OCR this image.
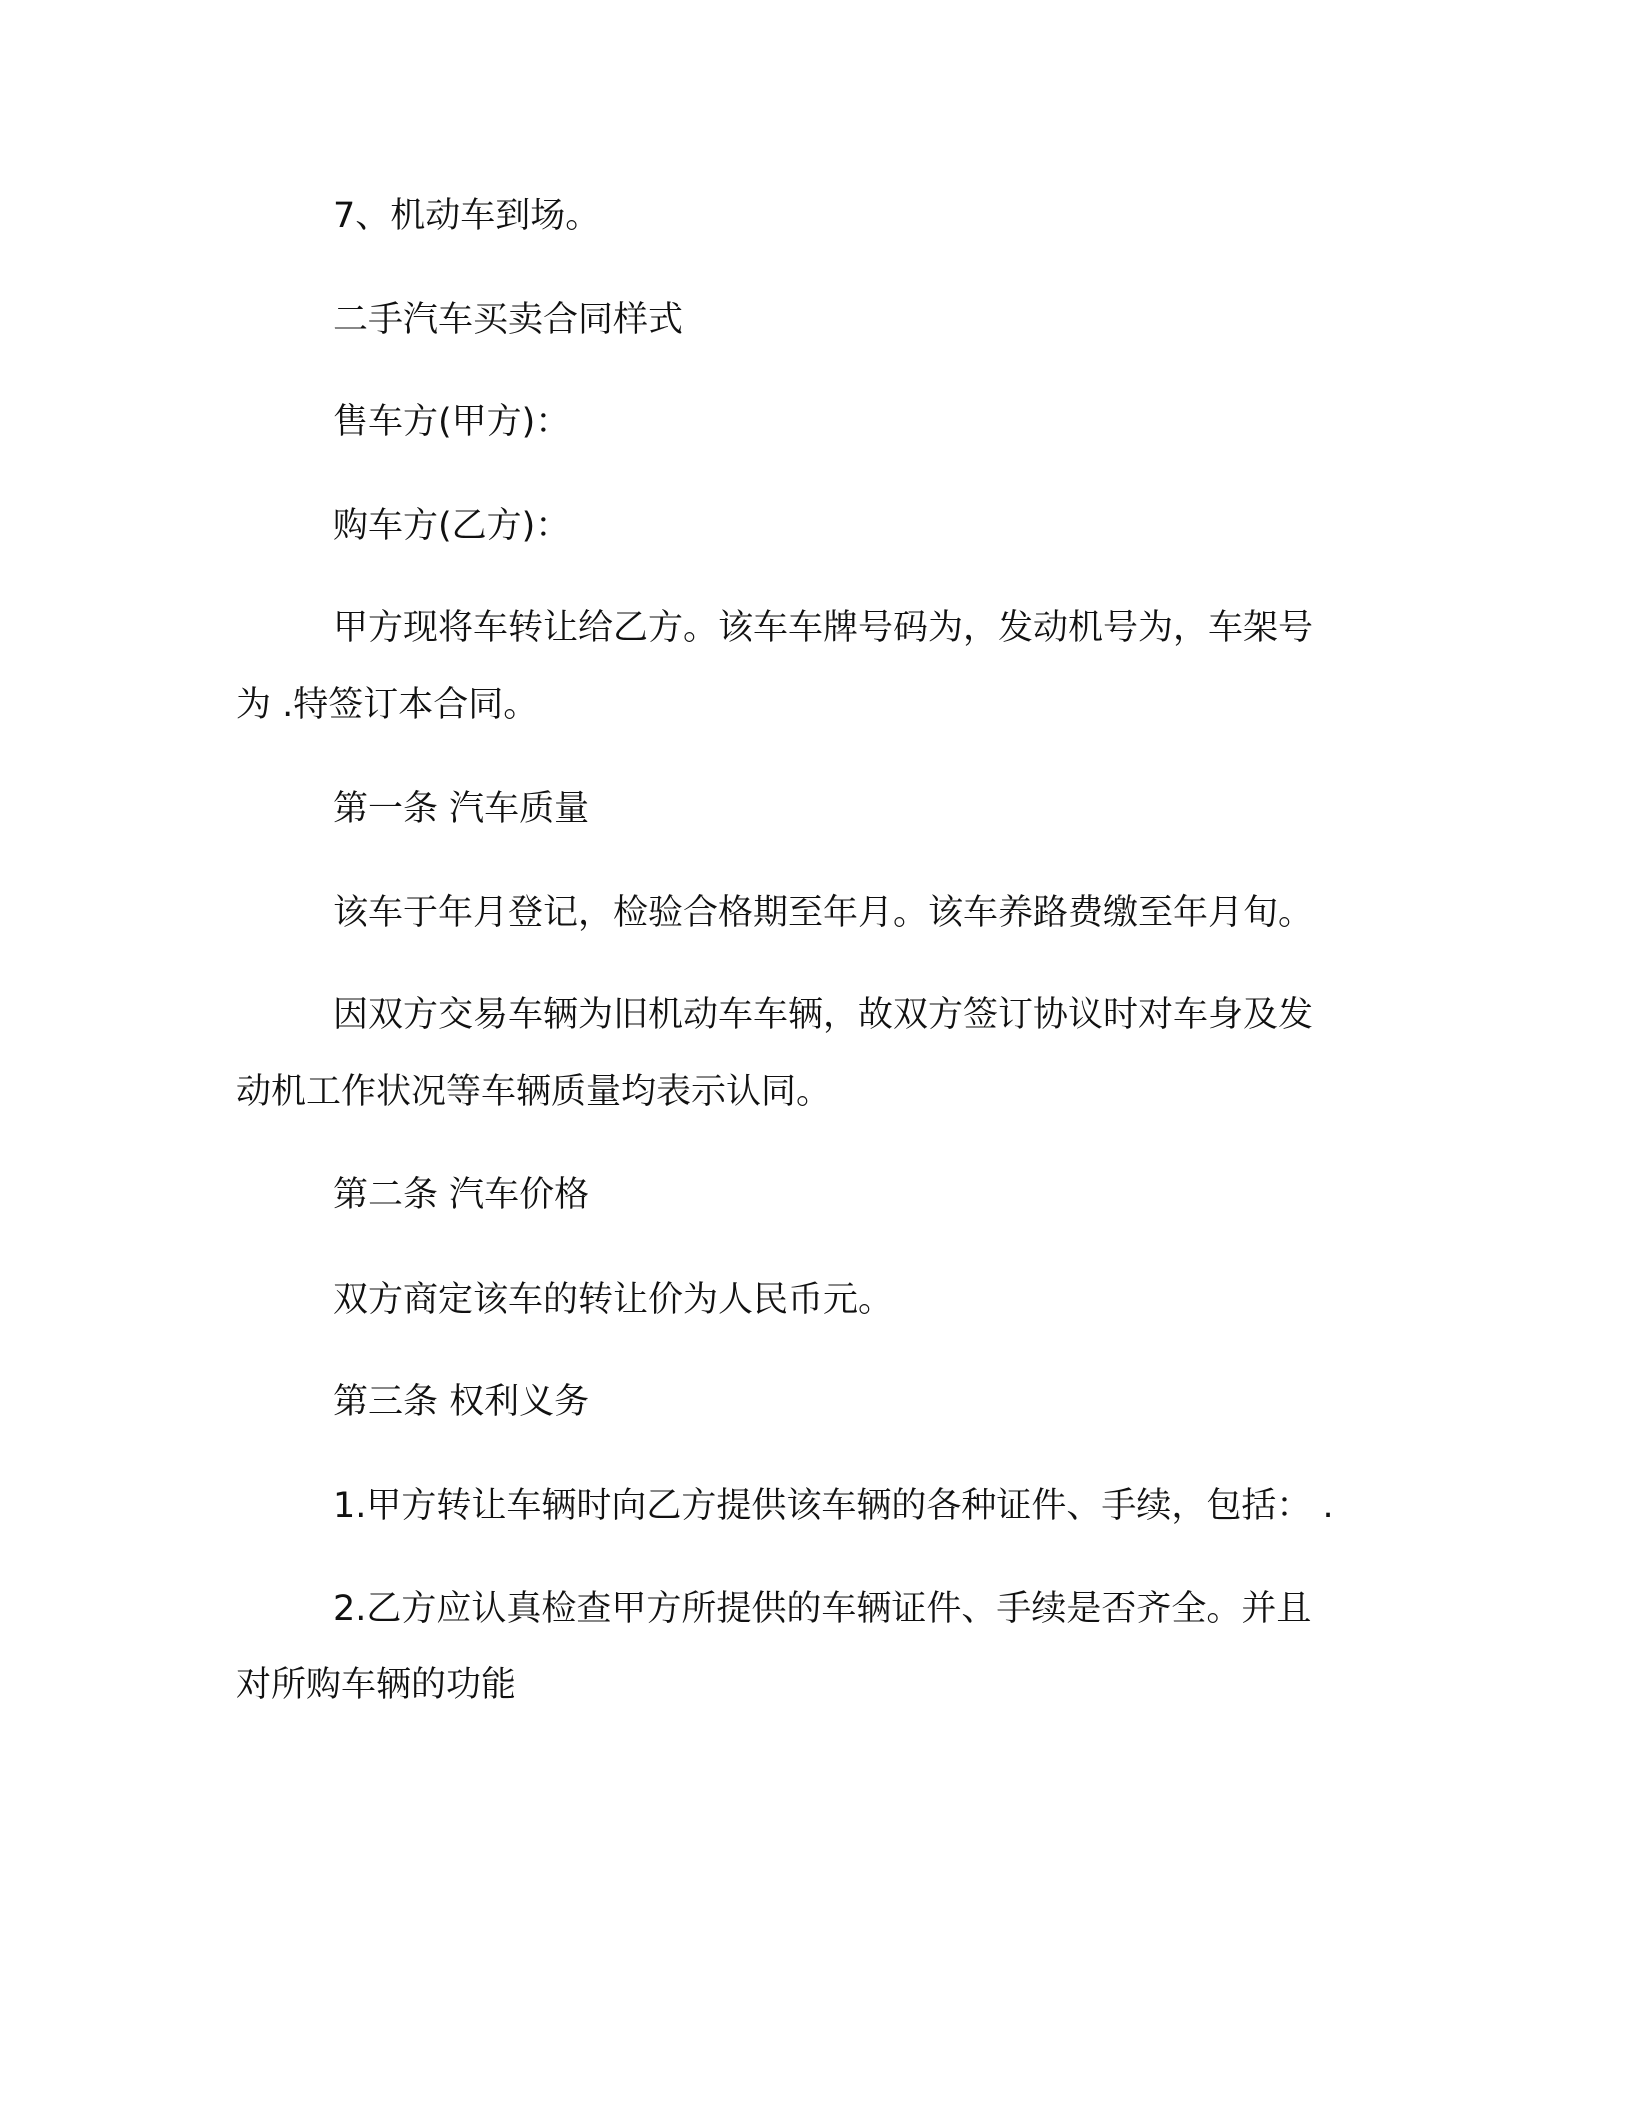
7、机动车到场。
二手汽车买卖合同样式
售车方(甲方)：
购车方(乙方)：
甲方现将车转让给乙方。该车车牌号码为，发动机号为，车架号
为 .特签订本合同。
第一条 汽车质量
该车于年月登记，检验合格期至年月。该车养路费缴至年月旬。
因双方交易车辆为旧机动车车辆，故双方签订协议时对车身及发
动机工作状况等车辆质量均表示认同。
第二条 汽车价格
双方商定该车的转让价为人民币元。
第三条 权利义务
1.甲方转让车辆时向乙方提供该车辆的各种证件、手续，包括： .
2.乙方应认真检查甲方所提供的车辆证件、手续是否齐全。并且
对所购车辆的功能
